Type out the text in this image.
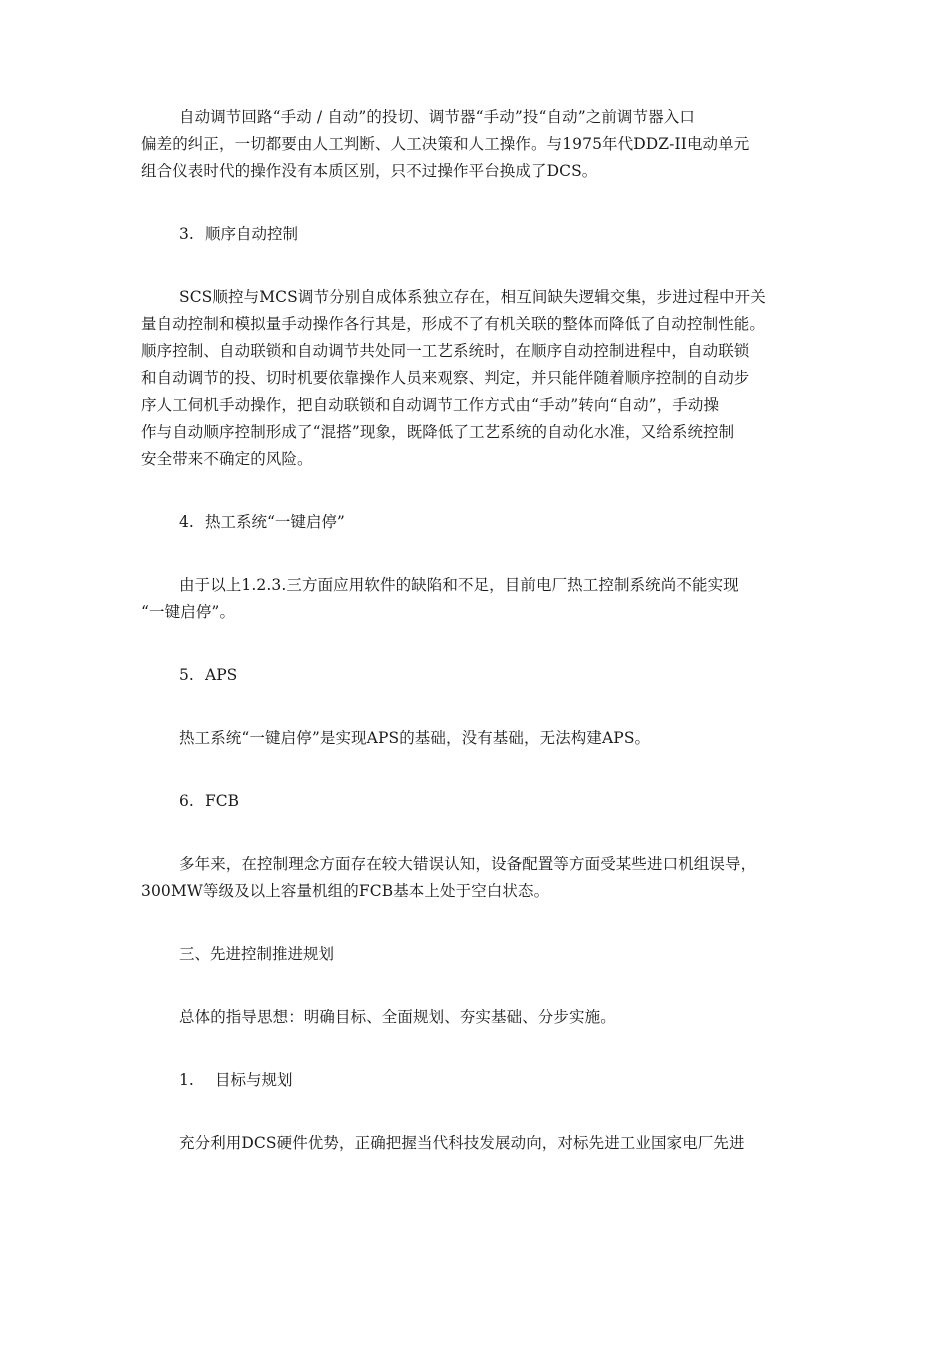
自动调节回路“手动 / 自动”的投切、调节器“手动”投“自动”之前调节器入口
偏差的纠正，一切都要由人工判断、人工决策和人工操作。与1975年代DDZ-II电动单元
组合仪表时代的操作没有本质区别，只不过操作平台换成了DCS。

3. 顺序自动控制

SCS顺控与MCS调节分别自成体系独立存在，相互间缺失逻辑交集，步进过程中开关
量自动控制和模拟量手动操作各行其是，形成不了有机关联的整体而降低了自动控制性能。
顺序控制、自动联锁和自动调节共处同一工艺系统时，在顺序自动控制进程中，自动联锁
和自动调节的投、切时机要依靠操作人员来观察、判定，并只能伴随着顺序控制的自动步
序人工伺机手动操作，把自动联锁和自动调节工作方式由“手动”转向“自动”，手动操
作与自动顺序控制形成了“混搭”现象，既降低了工艺系统的自动化水准，又给系统控制
安全带来不确定的风险。

4. 热工系统“一键启停”

由于以上1.2.3.三方面应用软件的缺陷和不足，目前电厂热工控制系统尚不能实现
“一键启停”。

5. APS

热工系统“一键启停”是实现APS的基础，没有基础，无法构建APS。

6. FCB

多年来，在控制理念方面存在较大错误认知，设备配置等方面受某些进口机组误导，
300MW等级及以上容量机组的FCB基本上处于空白状态。

三、先进控制推进规划

总体的指导思想：明确目标、全面规划、夯实基础、分步实施。

1. 目标与规划

充分利用DCS硬件优势，正确把握当代科技发展动向，对标先进工业国家电厂先进
